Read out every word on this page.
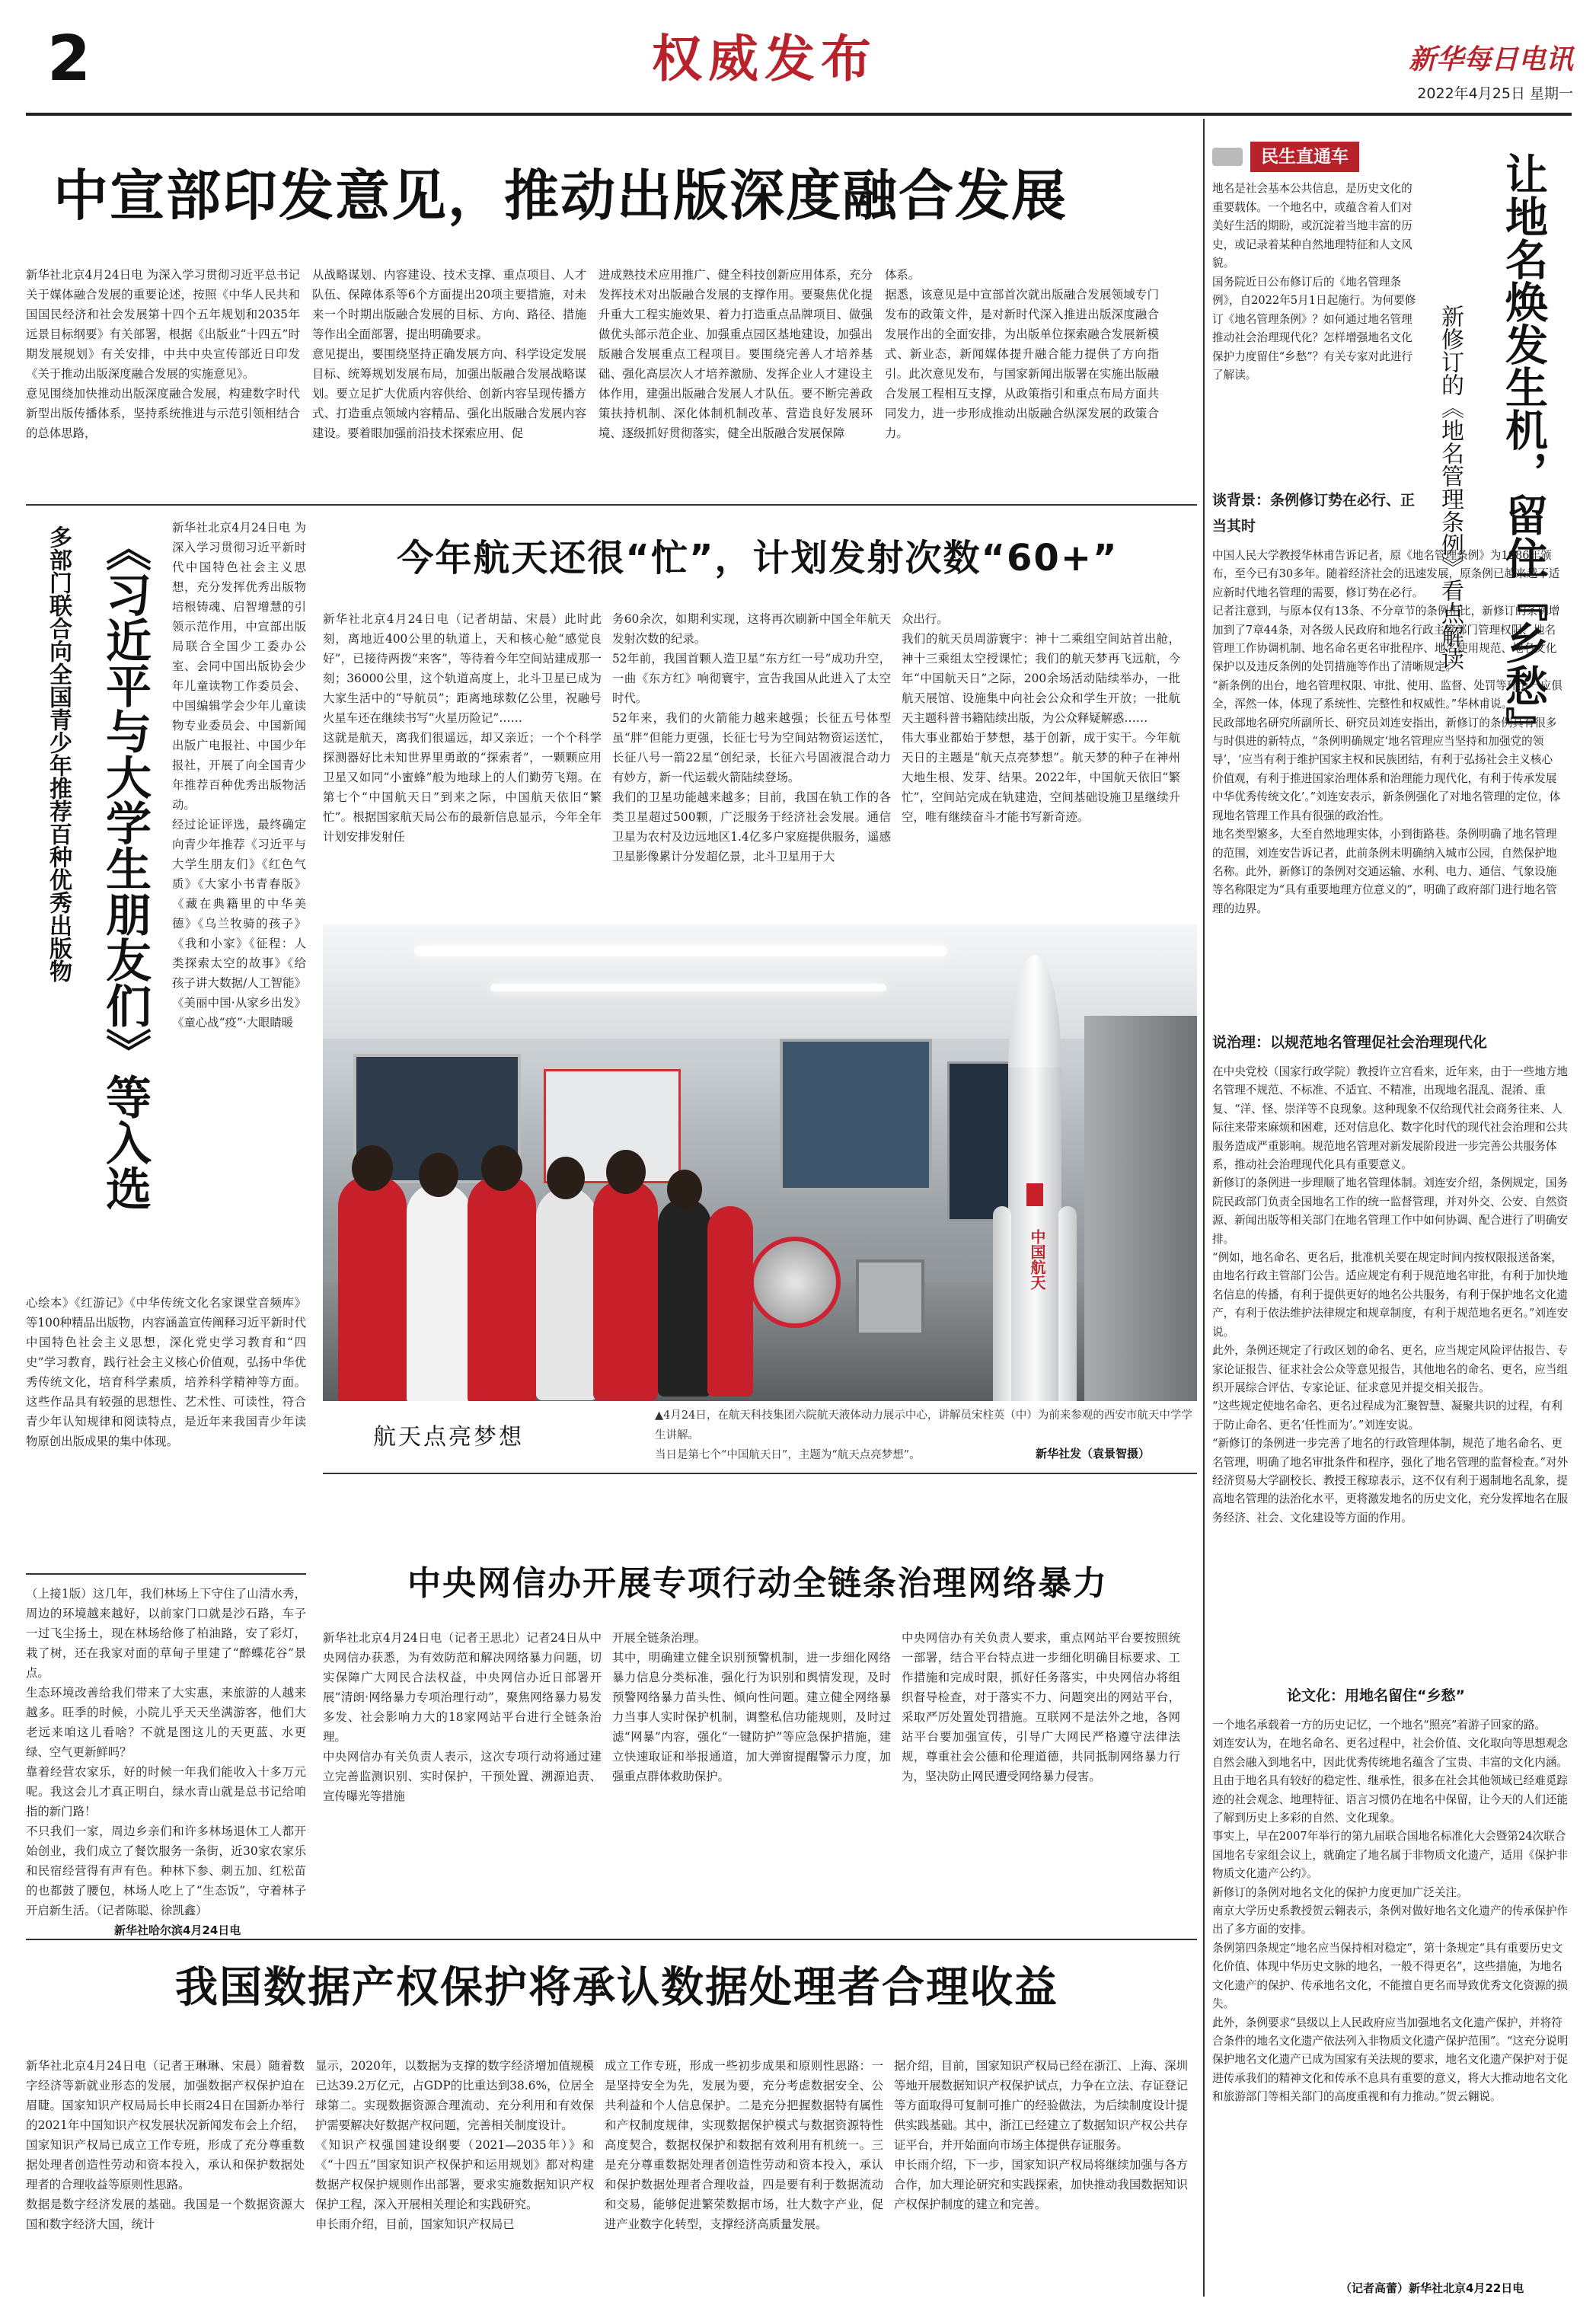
2	权威发布	新华每日电讯
2022年4月25日 星期一
中宣部印发意见，推动出版深度融合发展
新华社北京4月24日电 为深入学习贯彻习近平总书记关于媒体融合发展的重要论述，按照《中华人民共和国国民经济和社会发展第十四个五年规划和2035年远景目标纲要》有关部署，根据《出版业“十四五”时期发展规划》有关安排，中共中央宣传部近日印发《关于推动出版深度融合发展的实施意见》。
意见围绕加快推动出版深度融合发展，构建数字时代新型出版传播体系，坚持系统推进与示范引领相结合的总体思路，
从战略谋划、内容建设、技术支撑、重点项目、人才队伍、保障体系等6个方面提出20项主要措施，对未来一个时期出版融合发展的目标、方向、路径、措施等作出全面部署，提出明确要求。
意见提出，要围绕坚持正确发展方向、科学设定发展目标、统筹规划发展布局，加强出版融合发展战略谋划。要立足扩大优质内容供给、创新内容呈现传播方式、打造重点领域内容精品、强化出版融合发展内容建设。要着眼加强前沿技术探索应用、促
进成熟技术应用推广、健全科技创新应用体系，充分发挥技术对出版融合发展的支撑作用。要聚焦优化提升重大工程实施效果、着力打造重点品牌项目、做强做优头部示范企业、加强重点园区基地建设，加强出版融合发展重点工程项目。要围绕完善人才培养基础、强化高层次人才培养激励、发挥企业人才建设主体作用，建强出版融合发展人才队伍。要不断完善政策扶持机制、深化体制机制改革、营造良好发展环境、逐级抓好贯彻落实，健全出版融合发展保障
体系。
据悉，该意见是中宣部首次就出版融合发展领域专门发布的政策文件，是对新时代深入推进出版深度融合发展作出的全面安排，为出版单位探索融合发展新模式、新业态，新闻媒体提升融合能力提供了方向指引。此次意见发布，与国家新闻出版署在实施出版融合发展工程相互支撑，从政策指引和重点布局方面共同发力，进一步形成推动出版融合纵深发展的政策合力。
多部门联合向全国青少年推荐百种优秀出版物 《习近平与大学生朋友们》等入选	新华社北京4月24日电 为深入学习贯彻习近平新时代中国特色社会主义思想，充分发挥优秀出版物培根铸魂、启智增慧的引领示范作用，中宣部出版局联合全国少工委办公室、会同中国出版协会少年儿童读物工作委员会、中国编辑学会少年儿童读物专业委员会、中国新闻出版广电报社、中国少年报社，开展了向全国青少年推荐百种优秀出版物活动。
经过论证评选，最终确定向青少年推荐《习近平与大学生朋友们》《红色气质》《大家小书青春版》《藏在典籍里的中华美德》《乌兰牧骑的孩子》《我和小家》《征程：人类探索太空的故事》《给孩子讲大数据/人工智能》《美丽中国·从家乡出发》《童心战“疫”·大眼睛暖
心绘本》《红游记》《中华传统文化名家课堂音频库》等100种精品出版物，内容涵盖宣传阐释习近平新时代中国特色社会主义思想，深化党史学习教育和“四史”学习教育，践行社会主义核心价值观，弘扬中华优秀传统文化，培育科学素质，培养科学精神等方面。这些作品具有较强的思想性、艺术性、可读性，符合青少年认知规律和阅读特点，是近年来我国青少年读物原创出版成果的集中体现。
今年航天还很“忙”，计划发射次数“60+”
新华社北京4月24日电（记者胡喆、宋晨）此时此刻，离地近400公里的轨道上，天和核心舱“感觉良好”，已接待两拨“来客”，等待着今年空间站建成那一刻；36000公里，这个轨道高度上，北斗卫星已成为大家生活中的“导航员”；距离地球数亿公里，祝融号火星车还在继续书写“火星历险记”……
这就是航天，离我们很遥远，却又亲近；一个个科学探测器好比未知世界里勇敢的“探索者”，一颗颗应用卫星又如同“小蜜蜂”般为地球上的人们勤劳飞翔。在第七个“中国航天日”到来之际，中国航天依旧“繁忙”。根据国家航天局公布的最新信息显示，今年全年计划安排发射任
务60余次，如期利实现，这将再次刷新中国全年航天发射次数的纪录。
52年前，我国首颗人造卫星“东方红一号”成功升空，一曲《东方红》响彻寰宇，宣告我国从此进入了太空时代。
52年来，我们的火箭能力越来越强；长征五号体型虽“胖”但能力更强，长征七号为空间站物资运送忙，长征八号一箭22星“创纪录，长征六号固液混合动力有妙方，新一代运载火箭陆续登场。
我们的卫星功能越来越多；目前，我国在轨工作的各类卫星超过500颗，广泛服务于经济社会发展。通信卫星为农村及边远地区1.4亿多户家庭提供服务，遥感卫星影像累计分发超亿景，北斗卫星用于大
众出行。
我们的航天员周游寰宇：神十二乘组空间站首出舱，神十三乘组太空授课忙；我们的航天梦再飞远航，今年“中国航天日”之际，200余场活动陆续举办，一批航天展馆、设施集中向社会公众和学生开放；一批航天主题科普书籍陆续出版，为公众释疑解惑……
伟大事业都始于梦想，基于创新，成于实干。今年航天日的主题是“航天点亮梦想”。航天梦的种子在神州大地生根、发芽、结果。2022年，中国航天依旧“繁忙”，空间站完成在轨建造，空间基础设施卫星继续升空，唯有继续奋斗才能书写新奇迹。
中国航天
航天点亮梦想
▲4月24日，在航天科技集团六院航天液体动力展示中心，讲解员宋柱英（中）为前来参观的西安市航天中学学生讲解。
当日是第七个“中国航天日”，主题为“航天点亮梦想”。	新华社发（袁景智摄）
（上接1版）这几年，我们林场上下守住了山清水秀，周边的环境越来越好，以前家门口就是沙石路，车子一过飞尘扬土，现在林场给修了柏油路，安了彩灯，栽了树，还在我家对面的草甸子里建了“醉蝶花谷”景点。
生态环境改善给我们带来了大实惠，来旅游的人越来越多。旺季的时候，小院儿乎天天坐满游客，他们大老远来咱这儿看啥？不就是图这儿的天更蓝、水更绿、空气更新鲜吗？
靠着经营农家乐，好的时候一年我们能收入十多万元呢。我这会儿才真正明白，绿水青山就是总书记给咱指的新门路！
不只我们一家，周边乡亲们和许多林场退休工人都开始创业，我们成立了餐饮服务一条街，近30家农家乐和民宿经营得有声有色。种林下参、刺五加、红松苗的也都鼓了腰包，林场人吃上了“生态饭”，守着林子开启新生活。（记者陈聪、徐凯鑫）
新华社哈尔滨4月24日电
中央网信办开展专项行动全链条治理网络暴力
新华社北京4月24日电（记者王思北）记者24日从中央网信办获悉，为有效防范和解决网络暴力问题，切实保障广大网民合法权益，中央网信办近日部署开展“清朗·网络暴力专项治理行动”，聚焦网络暴力易发多发、社会影响力大的18家网站平台进行全链条治理。
中央网信办有关负责人表示，这次专项行动将通过建立完善监测识别、实时保护，干预处置、溯源追责、宣传曝光等措施
开展全链条治理。
其中，明确建立健全识别预警机制，进一步细化网络暴力信息分类标准，强化行为识别和舆情发现，及时预警网络暴力苗头性、倾向性问题。建立健全网络暴力当事人实时保护机制，调整私信功能规则，及时过滤“网暴”内容，强化“一键防护”等应急保护措施，建立快速取证和举报通道，加大弹窗提醒警示力度，加强重点群体救助保护。
中央网信办有关负责人要求，重点网站平台要按照统一部署，结合平台特点进一步细化明确目标要求、工作措施和完成时限，抓好任务落实，中央网信办将组织督导检查，对于落实不力、问题突出的网站平台，采取严厉处置处罚措施。互联网不是法外之地，各网站平台要加强宣传，引导广大网民严格遵守法律法规，尊重社会公德和伦理道德，共同抵制网络暴力行为，坚决防止网民遭受网络暴力侵害。
我国数据产权保护将承认数据处理者合理收益
新华社北京4月24日电（记者王琳琳、宋晨）随着数字经济等新就业形态的发展，加强数据产权保护迫在眉睫。国家知识产权局局长申长雨24日在国新办举行的2021年中国知识产权发展状况新闻发布会上介绍，国家知识产权局已成立工作专班，形成了充分尊重数据处理者创造性劳动和资本投入，承认和保护数据处理者的合理收益等原则性思路。
数据是数字经济发展的基础。我国是一个数据资源大国和数字经济大国，统计
显示，2020年，以数据为支撑的数字经济增加值规模已达39.2万亿元，占GDP的比重达到38.6%，位居全球第二。实现数据资源合理流动、充分利用和有效保护需要解决好数据产权问题，完善相关制度设计。
《知识产权强国建设纲要（2021—2035年）》和《“十四五”国家知识产权保护和运用规划》都对构建数据产权保护规则作出部署，要求实施数据知识产权保护工程，深入开展相关理论和实践研究。
申长雨介绍，目前，国家知识产权局已
成立工作专班，形成一些初步成果和原则性思路：一是坚持安全为先，发展为要，充分考虑数据安全、公共利益和个人信息保护。二是充分把握数据特有属性和产权制度规律，实现数据保护模式与数据资源特性高度契合，数据权保护和数据有效利用有机统一。三是充分尊重数据处理者创造性劳动和资本投入，承认和保护数据处理者合理收益，四是要有利于数据流动和交易，能够促进繁荣数据市场，壮大数字产业，促进产业数字化转型，支撑经济高质量发展。
据介绍，目前，国家知识产权局已经在浙江、上海、深圳等地开展数据知识产权保护试点，力争在立法、存证登记等方面取得可复制可推广的经验做法，为后续制度设计提供实践基础。其中，浙江已经建立了数据知识产权公共存证平台，并开始面向市场主体提供存证服务。
申长雨介绍，下一步，国家知识产权局将继续加强与各方合作，加大理论研究和实践探索，加快推动我国数据知识产权保护制度的建立和完善。
民生直通车	让地名焕发生机，留住『乡愁』
新修订的《地名管理条例》看点解读
地名是社会基本公共信息，是历史文化的重要载体。一个地名中，或蕴含着人们对美好生活的期盼，或沉淀着当地丰富的历史，或记录着某种自然地理特征和人文风貌。
国务院近日公布修订后的《地名管理条例》，自2022年5月1日起施行。为何要修订《地名管理条例》？如何通过地名管理推动社会治理现代化？怎样增强地名文化保护力度留住“乡愁”？有关专家对此进行了解读。
谈背景：条例修订势在必行、正当其时
中国人民大学教授华林甫告诉记者，原《地名管理条例》为1986年颁布，至今已有30多年。随着经济社会的迅速发展，原条例已越来越不适应新时代地名管理的需要，修订势在必行。
记者注意到，与原本仅有13条、不分章节的条例相比，新修订的条例增加到了7章44条，对各级人民政府和地名行政主管部门管理权限、地名管理工作协调机制、地名命名更名审批程序、地名使用规范、地名文化保护以及违反条例的处罚措施等作出了清晰规定。
“新条例的出台，地名管理权限、审批、使用、监督、处罚等环节一应俱全，浑然一体，体现了系统性、完整性和权威性。”华林甫说。
民政部地名研究所副所长、研究员刘连安指出，新修订的条例具有很多与时俱进的新特点，“条例明确规定‘地名管理应当坚持和加强党的领导’，‘应当有利于维护国家主权和民族团结，有利于弘扬社会主义核心价值观，有利于推进国家治理体系和治理能力现代化，有利于传承发展中华优秀传统文化’。”刘连安表示，新条例强化了对地名管理的定位，体现地名管理工作具有很强的政治性。
地名类型繁多，大至自然地理实体，小到街路巷。条例明确了地名管理的范围，刘连安告诉记者，此前条例未明确纳入城市公园，自然保护地名称。此外，新修订的条例对交通运输、水利、电力、通信、气象设施等名称限定为“具有重要地理方位意义的”，明确了政府部门进行地名管理的边界。
说治理：以规范地名管理促社会治理现代化
在中央党校（国家行政学院）教授许立宫看来，近年来，由于一些地方地名管理不规范、不标准、不适宜、不精准，出现地名混乱、混淆、重复、“洋、怪、崇洋等不良现象。这种现象不仅给现代社会商务往来、人际往来带来麻烦和困难，还对信息化、数字化时代的现代社会治理和公共服务造成严重影响。规范地名管理对新发展阶段进一步完善公共服务体系，推动社会治理现代化具有重要意义。
新修订的条例进一步理顺了地名管理体制。刘连安介绍，条例规定，国务院民政部门负责全国地名工作的统一监督管理，并对外交、公安、自然资源、新闻出版等相关部门在地名管理工作中如何协调、配合进行了明确安排。
“例如，地名命名、更名后，批准机关要在规定时间内按权限报送备案，由地名行政主管部门公告。适应规定有利于规范地名审批，有利于加快地名信息的传播，有利于提供更好的地名公共服务，有利于保护地名文化遗产，有利于依法维护法律规定和规章制度，有利于规范地名更名。”刘连安说。
此外，条例还规定了行政区划的命名、更名，应当规定风险评估报告、专家论证报告、征求社会公众等意见报告，其他地名的命名、更名，应当组织开展综合评估、专家论证、征求意见并提交相关报告。
“这些规定使地名命名、更名过程成为汇聚智慧、凝聚共识的过程，有利于防止命名、更名‘任性而为’。”刘连安说。
“新修订的条例进一步完善了地名的行政管理体制，规范了地名命名、更名管理，明确了地名审批条件和程序，强化了地名管理的监督检查。”对外经济贸易大学副校长、教授王稼琼表示，这不仅有利于遏制地名乱象，提高地名管理的法治化水平，更将激发地名的历史文化，充分发挥地名在服务经济、社会、文化建设等方面的作用。
论文化：用地名留住“乡愁”
一个地名承载着一方的历史记忆，一个地名“照亮”着游子回家的路。
刘连安认为，在地名命名、更名过程中，社会价值、文化取向等思想观念自然会融入到地名中，因此优秀传统地名蕴含了宝贵、丰富的文化内涵。且由于地名具有较好的稳定性、继承性，很多在社会其他领域已经难觅踪迹的社会观念、地理特征、语言习惯仍在地名中保留，让今天的人们还能了解到历史上多彩的自然、文化现象。
事实上，早在2007年举行的第九届联合国地名标准化大会暨第24次联合国地名专家组会议上，就确定了地名属于非物质文化遗产，适用《保护非物质文化遗产公约》。
新修订的条例对地名文化的保护力度更加广泛关注。
南京大学历史系教授贺云翱表示，条例对做好地名文化遗产的传承保护作出了多方面的安排。
条例第四条规定“地名应当保持相对稳定”，第十条规定“具有重要历史文化价值、体现中华历史文脉的地名，一般不得更名”，这些措施，为地名文化遗产的保护、传承地名文化，不能擅自更名而导致优秀文化资源的损失。
此外，条例要求“县级以上人民政府应当加强地名文化遗产保护，并将符合条件的地名文化遗产依法列入非物质文化遗产保护范围”。“这充分说明保护地名文化遗产已成为国家有关法规的要求，地名文化遗产保护对于促进传承我们的精神文化和传承不息具有重要的意义，将大大推动地名文化和旅游部门等相关部门的高度重视和有力推动。”贺云翱说。
（记者高蕾）新华社北京4月22日电
